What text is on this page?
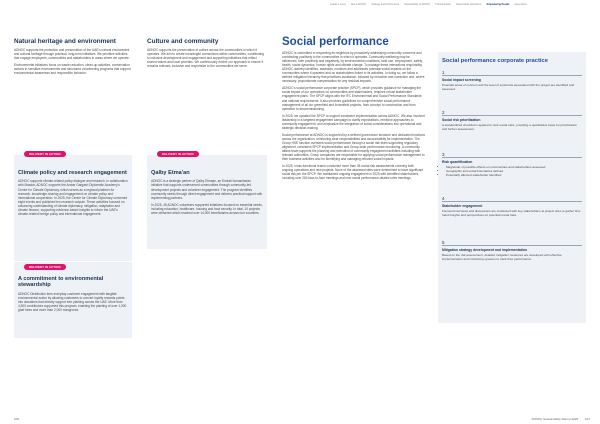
Leader's Letter About ADNOC Strategy and Performance Sustainability at ADNOC Transformation Responsible Operations Empowering People Appendices
Natural heritage and environment

ADNOC supports the protection and preservation of the UAE's natural environment and cultural heritage through practical, long-term initiatives. We prioritize activities that engage employees, communities and stakeholders in areas where we operate.

Environmental initiatives focus on waste reduction, clean-up activities, conservation actions in sensitive environments and structured volunteering programs that support environmental awareness and responsible behavior.

Culture and community

ADNOC supports the preservation of culture across the communities in which it operates. We aim to create meaningful connections within communities, contributing to inclusive development and engagement and supporting initiatives that reflect shared values and local priorities. We continuously evolve our approach to ensure it remains relevant, inclusive and responsive to the communities we serve.

DELIVERY IN ACTION
Climate policy and research engagement

ADNOC supports climate-related policy dialogue and research. In collaboration with Masdar, ADNOC supports the Anwar Gargash Diplomatic Academy's Centre for Climate Diplomacy, which serves as a regional platform for research, knowledge-sharing and engagement on climate policy and international cooperation. In 2025, the Centre for Climate Diplomacy convened eight events and published ten research outputs. These activities focused on advancing understanding of climate diplomacy, mitigation, adaptation and climate finance, supporting evidence-based insights to inform the UAE's climate-related foreign policy and international engagement.

DELIVERY IN ACTION
Qalby Etma'an

ADNOC is a strategic partner of Qalby Etmaan, an Emirati humanitarian initiative that supports underserved communities through community-led development projects and volunteer engagement. The program identifies community needs through direct engagement and delivers practical support with implementing partners.

In 2025, 45 ADNOC volunteers supported initiatives focused on essential needs, including education, healthcare, housing and food security. In total, 10 projects were delivered which reached over 14,000 beneficiaries across four countries.

DELIVERY IN ACTION
A commitment to environmental stewardship

ADNOC Distribution tires everyday customer engagement with tangible environmental action by allowing customers to convert loyalty rewards points into donations that directly support tree planting across the UAE. More than 4,500 contributors supported this program, enabling the planting of over 1,900 ghaf trees and more than 2,000 mangroves.

Social performance

ADNOC is committed to respecting its neighbors by proactively addressing community concerns and contributing positively to the communities in which it operates. Community wellbeing may be influenced, both positively and negatively, by environmental conditions, land use, employment, safety, health, social dynamics, human rights and climate change. To manage these interactions responsibly, ADNOC actively identifies, assesses, monitors and addresses potential social impacts on the communities where it operates and on stakeholders linked to its activities. In doing so, we follow a defined mitigation hierarchy that prioritizes avoidance, followed by reduction and correction and, where necessary, proportionate compensation for any residual impacts.

ADNOC's social performance corporate practice (SPCP), which provides guidance for managing the social impact of our operations on communities and stakeholders, requires robust stakeholder engagement plans. The SPCP aligns with the IFC Environmental and Social Performance Standards and national requirements. It also provides guidelines for comprehensive social performance management of all our greenfield and brownfield projects, from concept to construction and from operation to decommissioning.

In 2025, we updated the SPCP to support consistent implementation across ADNOC. We also involved leadership in a targeted engagement campaign to clarify expectations, reinforce approaches to community engagement, and emphasize the integration of social considerations into operational and strategic decision-making.

Social performance at ADNOC is supported by a defined governance structure and dedicated functions across the organization, reinforcing clear responsibilities and accountability for implementation. The Group HSE function oversees social performance through a social risk team supporting regulatory alignment, consistent SPCP implementation and Group-wide performance monitoring. A community affairs team supports the planning and execution of community engagement activities including with relevant authorities. Group companies are responsible for applying social performance management to their business activities and for identifying and managing relevant social impacts.

In 2025, cross-functional teams conducted more than 35 social risk assessments covering both ongoing operations and new projects. None of the assessed sites were determined to have significant social risk per the SPCP. We maintained ongoing engagement in 2025 with identified stakeholders, including over 260 face-to-face meetings and new social performance-related roles meetings.

Social performance corporate practice
1
Social impact screening

Potential areas of concern and the level of social risk associated with the project are identified and assessed.

2
Social risk prioritization

A standardized checklist is applied to rank social risks, providing a quantitative basis for prioritization and further assessment.

3
Risk quantification
• Magnitude of possible effects on communities and stakeholders assessed
• Geographic and social boundaries defined
• Potentially affected stakeholder identified
4
Stakeholder engagement

Focused interviews and discussions are conducted with key stakeholders at project sites to gather first-hand insights and perspectives on potential social risks.

5
Mitigation strategy development and implementation

Based on the risk assessment, detailed mitigation measures are developed with effective implementation and monitoring systems to track their performance.

106	ADNOC Sustainability Report 2025 107
